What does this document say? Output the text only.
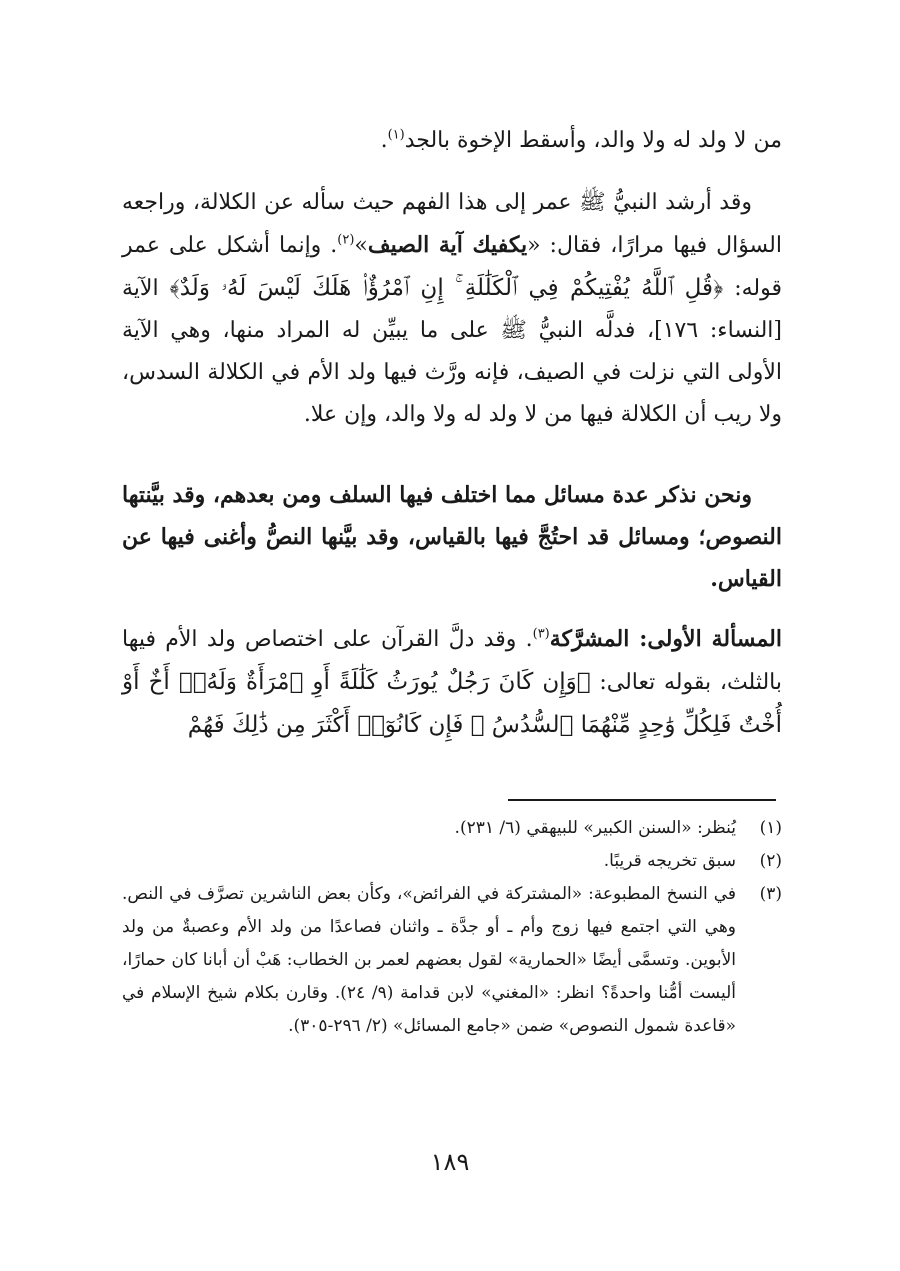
من لا ولد له ولا والد، وأسقط الإخوة بالجد$^{(١)}$.

وقد أرشد النبيُّ ﷺ عمر إلى هذا الفهم حيث سأله عن الكلالة، وراجعه السؤال فيها مرارًا، فقال: «يكفيك آية الصيف»$^{(٢)}$. وإنما أشكل على عمر قوله: ﴿قُلِ ٱللَّهُ يُفْتِيكُمْ فِي ٱلْكَلَٰلَةِ ۚ إِنِ ٱمْرُؤٌا۟ هَلَكَ لَيْسَ لَهُۥ وَلَدٌ﴾ الآية [النساء: ١٧٦]، فدلَّه النبيُّ ﷺ على ما يبيِّن له المراد منها، وهي الآية الأولى التي نزلت في الصيف، فإنه ورَّث فيها ولد الأم في الكلالة السدس، ولا ريب أن الكلالة فيها من لا ولد له ولا والد، وإن علا.

ونحن نذكر عدة مسائل مما اختلف فيها السلف ومن بعدهم، وقد بيَّنتها النصوص؛ ومسائل قد احتُجَّ فيها بالقياس، وقد بيَّنها النصُّ وأغنى فيها عن القياس.

المسألة الأولى: المشرَّكة$^{(٣)}$. وقد دلَّ القرآن على اختصاص ولد الأم فيها بالثلث، بقوله تعالى: ﴿وَإِن كَانَ رَجُلٌ يُورَثُ كَلَٰلَةً أَوِ ٱمْرَأَةٌ وَلَهُۥٓ أَخٌ أَوْ أُخْتٌ فَلِكُلِّ وَٰحِدٍ مِّنْهُمَا ٱلسُّدُسُ ۚ فَإِن كَانُوٓا۟ أَكْثَرَ مِن ذَٰلِكَ فَهُمْ

(١)
يُنظر: «السنن الكبير» للبيهقي (٦/ ٢٣١).
(٢)
سبق تخريجه قريبًا.
(٣)
في النسخ المطبوعة: «المشتركة في الفرائض»، وكأن بعض الناشرين تصرَّف في النص. وهي التي اجتمع فيها زوج وأم ـ أو جدَّة ـ واثنان فصاعدًا من ولد الأم وعصبةٌ من ولد الأبوين. وتسمَّى أيضًا «الحمارية» لقول بعضهم لعمر بن الخطاب: هَبْ أن أبانا كان حمارًا، أليست أمُّنا واحدةً؟ انظر: «المغني» لابن قدامة (٩/ ٢٤). وقارن بكلام شيخ الإسلام في «قاعدة شمول النصوص» ضمن «جامع المسائل» (٢/ ٢٩٦-٣٠٥).
١٨٩
